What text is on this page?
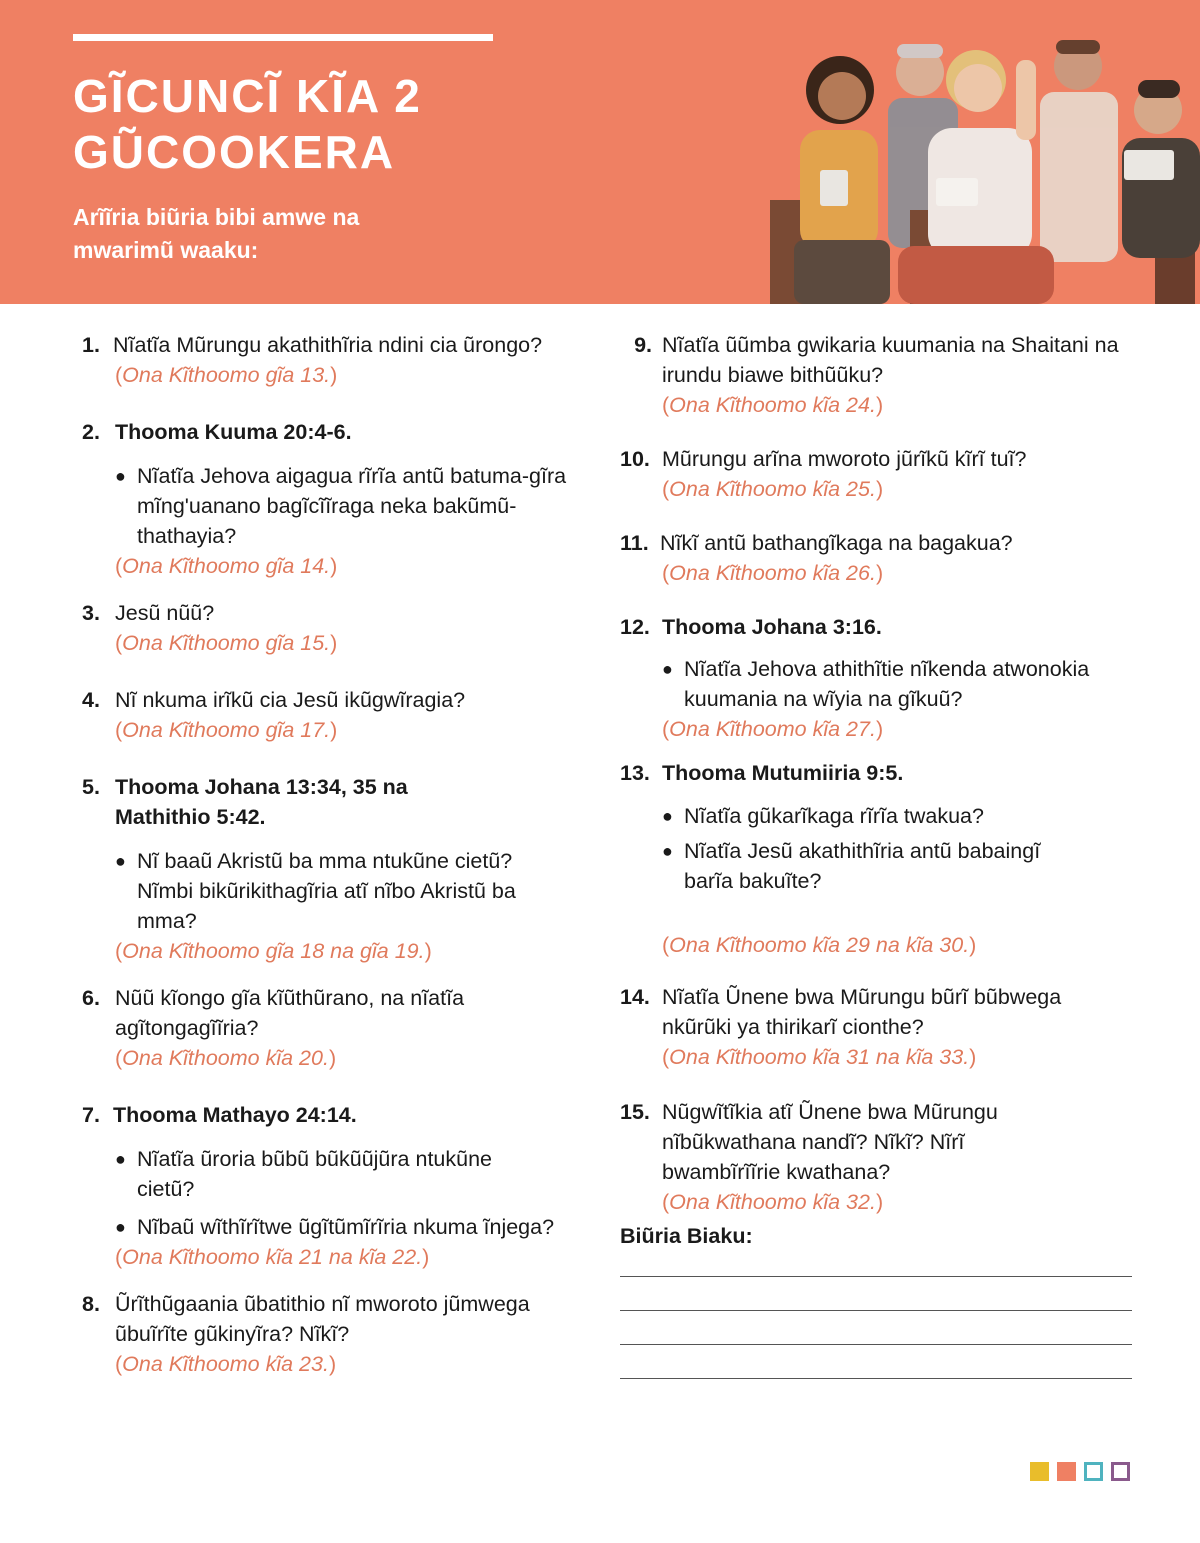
GĨCUNCĨ KĨA 2
GŨCOOKERA
Arĩĩria biũria bibi amwe na mwarimũ waaku:
1. Nĩatĩa Mũrungu akathithĩria ndini cia ũrongo?
(Ona Kĩthoomo gĩa 13.)
2. Thooma Kuuma 20:4-6.
● Nĩatĩa Jehova aigagua rĩrĩa antũ batuma-gĩra mĩng'uanano bagĩcĩĩraga neka bakũmũ-thathayia?
(Ona Kĩthoomo gĩa 14.)
3. Jesũ nũũ?
(Ona Kĩthoomo gĩa 15.)
4. Nĩ nkuma irĩkũ cia Jesũ ikũgwĩragia?
(Ona Kĩthoomo gĩa 17.)
5. Thooma Johana 13:34, 35 na Mathithio 5:42.
● Nĩ baaũ Akristũ ba mma ntukũne cietũ? Nĩmbi bikũrikithagĩria atĩ nĩbo Akristũ ba mma?
(Ona Kĩthoomo gĩa 18 na gĩa 19.)
6. Nũũ kĩongo gĩa kĩũthũrano, na nĩatĩa agĩtongagĩĩria?
(Ona Kĩthoomo kĩa 20.)
7. Thooma Mathayo 24:14.
● Nĩatĩa ũroria bũbũ bũkũũjũra ntukũne cietũ?
● Nĩbaũ wĩthĩrĩtwe ũgĩtũmĩrĩria nkuma ĩnjega?
(Ona Kĩthoomo kĩa 21 na kĩa 22.)
8. Ũrĩthũgaania ũbatithio nĩ mworoto jũmwega ũbuĩrĩte gũkinyĩra? Nĩkĩ?
(Ona Kĩthoomo kĩa 23.)
9. Nĩatĩa ũũmba gwikaria kuumania na Shaitani na irundu biawe bithũũku?
(Ona Kĩthoomo kĩa 24.)
10. Mũrungu arĩna mworoto jũrĩkũ kĩrĩ tuĩ?
(Ona Kĩthoomo kĩa 25.)
11. Nĩkĩ antũ bathangĩkaga na bagakua?
(Ona Kĩthoomo kĩa 26.)
12. Thooma Johana 3:16.
● Nĩatĩa Jehova athithĩtie nĩkenda atwonokia kuumania na wĩyia na gĩkuũ?
(Ona Kĩthoomo kĩa 27.)
13. Thooma Mutumiiria 9:5.
● Nĩatĩa gũkarĩkaga rĩrĩa twakua?
● Nĩatĩa Jesũ akathithĩria antũ babaingĩ barĩa bakuĩte?
(Ona Kĩthoomo kĩa 29 na kĩa 30.)
14. Nĩatĩa Ũnene bwa Mũrungu bũrĩ bũbwega nkũrũki ya thirikarĩ cionthe?
(Ona Kĩthoomo kĩa 31 na kĩa 33.)
15. Nũgwĩtĩkia atĩ Ũnene bwa Mũrungu nĩbũkwathana nandĩ? Nĩkĩ? Nĩrĩ bwambĩrĩĩrie kwathana?
(Ona Kĩthoomo kĩa 32.)
Biũria Biaku:
